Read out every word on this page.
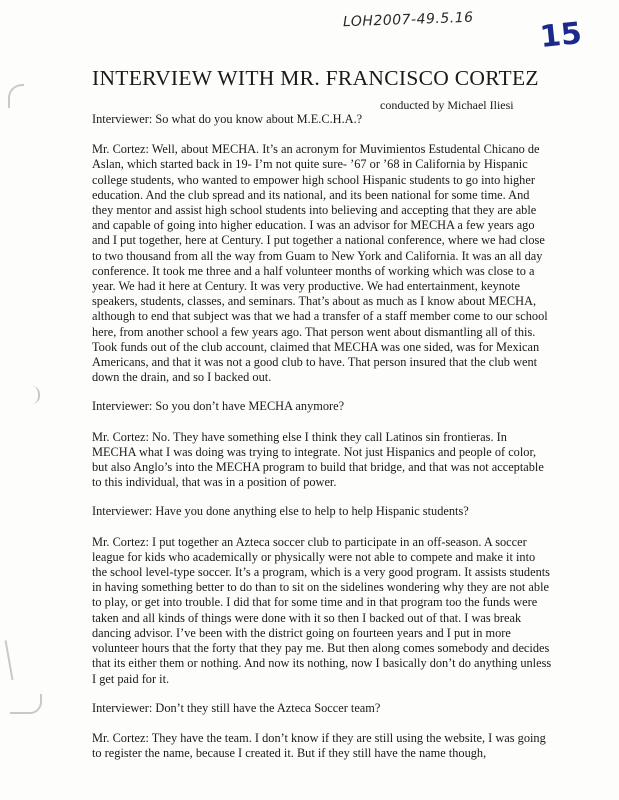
LOH2007-49.5.16 15
INTERVIEW WITH MR. FRANCISCO CORTEZ
conducted by Michael Iliesi

Interviewer: So what do you know about M.E.C.H.A.?

Mr. Cortez: Well, about MECHA. It’s an acronym for Muvimientos Estudental Chicano de Aslan, which started back in 19- I’m not quite sure- ’67 or ’68 in California by Hispanic college students, who wanted to empower high school Hispanic students to go into higher education. And the club spread and its national, and its been national for some time. And they mentor and assist high school students into believing and accepting that they are able and capable of going into higher education. I was an advisor for MECHA a few years ago and I put together, here at Century. I put together a national conference, where we had close to two thousand from all the way from Guam to New York and California. It was an all day conference. It took me three and a half volunteer months of working which was close to a year. We had it here at Century. It was very productive. We had entertainment, keynote speakers, students, classes, and seminars. That’s about as much as I know about MECHA, although to end that subject was that we had a transfer of a staff member come to our school here, from another school a few years ago. That person went about dismantling all of this. Took funds out of the club account, claimed that MECHA was one sided, was for Mexican Americans, and that it was not a good club to have. That person insured that the club went down the drain, and so I backed out.

Interviewer: So you don’t have MECHA anymore?

Mr. Cortez: No. They have something else I think they call Latinos sin frontieras. In MECHA what I was doing was trying to integrate. Not just Hispanics and people of color, but also Anglo’s into the MECHA program to build that bridge, and that was not acceptable to this individual, that was in a position of power.

Interviewer: Have you done anything else to help to help Hispanic students?

Mr. Cortez: I put together an Azteca soccer club to participate in an off-season. A soccer league for kids who academically or physically were not able to compete and make it into the school level-type soccer. It’s a program, which is a very good program. It assists students in having something better to do than to sit on the sidelines wondering why they are not able to play, or get into trouble. I did that for some time and in that program too the funds were taken and all kinds of things were done with it so then I backed out of that. I was break dancing advisor. I’ve been with the district going on fourteen years and I put in more volunteer hours that the forty that they pay me. But then along comes somebody and decides that its either them or nothing. And now its nothing, now I basically don’t do anything unless I get paid for it.

Interviewer: Don’t they still have the Azteca Soccer team?

Mr. Cortez: They have the team. I don’t know if they are still using the website, I was going to register the name, because I created it. But if they still have the name though,
